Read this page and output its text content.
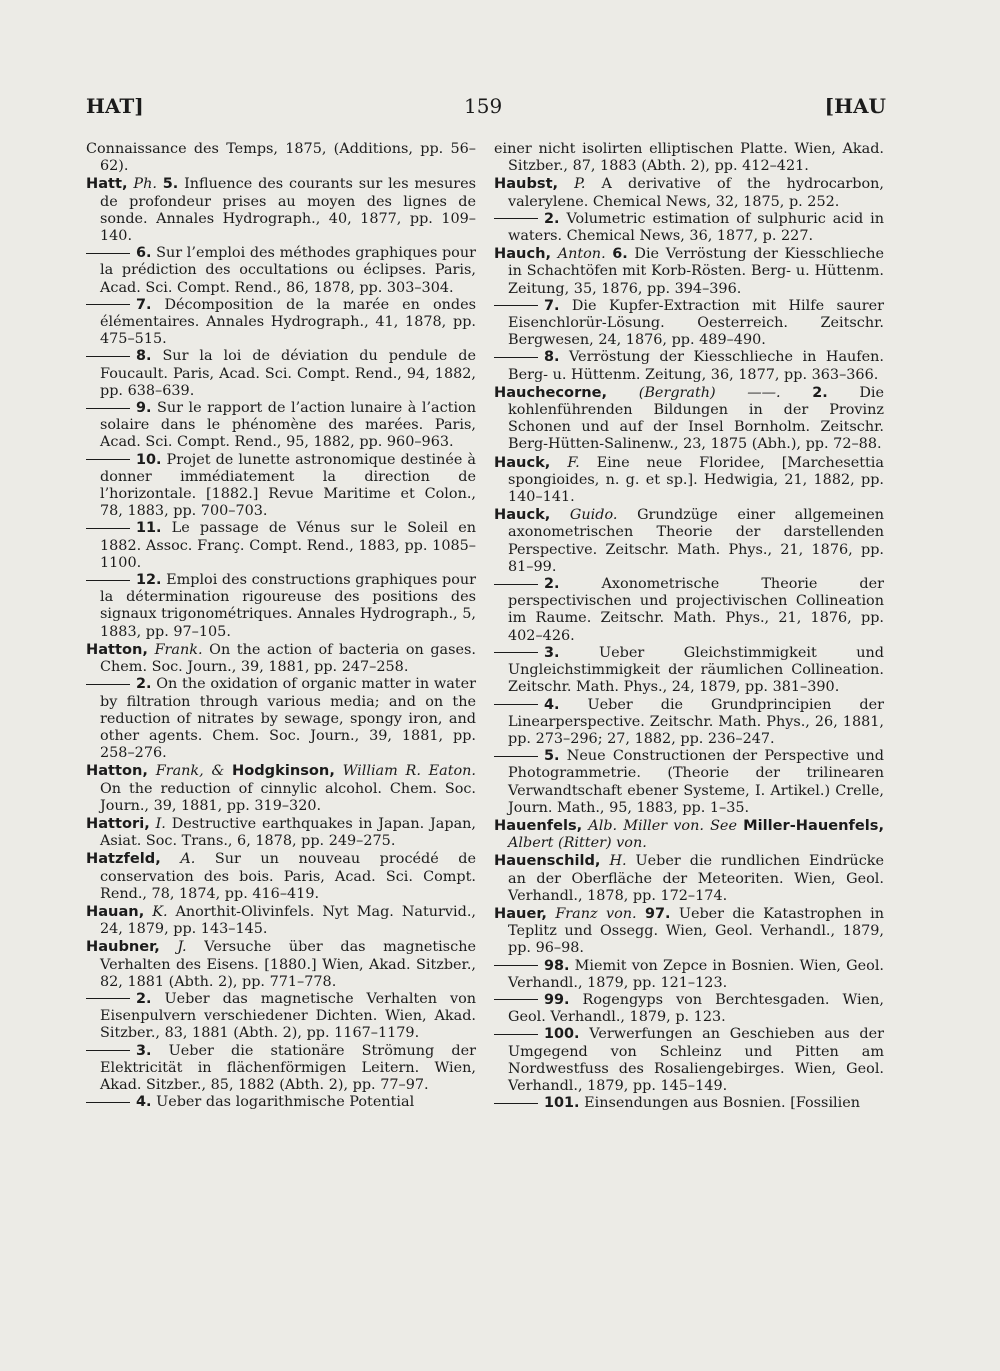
HAT]	159	[HAU

Connaissance des Temps, 1875, (Additions, pp. 56–62).

Hatt, Ph. 5. Influence des courants sur les mesures de profondeur prises au moyen des lignes de sonde. Annales Hydrograph., 40, 1877, pp. 109–140.

6. Sur l’emploi des méthodes graphiques pour la prédiction des occultations ou éclipses. Paris, Acad. Sci. Compt. Rend., 86, 1878, pp. 303–304.

7. Décomposition de la marée en ondes élémentaires. Annales Hydrograph., 41, 1878, pp. 475–515.

8. Sur la loi de déviation du pendule de Foucault. Paris, Acad. Sci. Compt. Rend., 94, 1882, pp. 638–639.

9. Sur le rapport de l’action lunaire à l’action solaire dans le phénomène des marées. Paris, Acad. Sci. Compt. Rend., 95, 1882, pp. 960–963.

10. Projet de lunette astronomique destinée à donner immédiatement la direction de l’horizontale. [1882.] Revue Maritime et Colon., 78, 1883, pp. 700–703.

11. Le passage de Vénus sur le Soleil en 1882. Assoc. Franç. Compt. Rend., 1883, pp. 1085–1100.

12. Emploi des constructions graphiques pour la détermination rigoureuse des positions des signaux trigonométriques. Annales Hydrograph., 5, 1883, pp. 97–105.

Hatton, Frank. On the action of bacteria on gases. Chem. Soc. Journ., 39, 1881, pp. 247–258.

2. On the oxidation of organic matter in water by filtration through various media; and on the reduction of nitrates by sewage, spongy iron, and other agents. Chem. Soc. Journ., 39, 1881, pp. 258–276.

Hatton, Frank, & Hodgkinson, William R. Eaton. On the reduction of cinnylic alcohol. Chem. Soc. Journ., 39, 1881, pp. 319–320.

Hattori, I. Destructive earthquakes in Japan. Japan, Asiat. Soc. Trans., 6, 1878, pp. 249–275.

Hatzfeld, A. Sur un nouveau procédé de conservation des bois. Paris, Acad. Sci. Compt. Rend., 78, 1874, pp. 416–419.

Hauan, K. Anorthit-Olivinfels. Nyt Mag. Naturvid., 24, 1879, pp. 143–145.

Haubner, J. Versuche über das magnetische Verhalten des Eisens. [1880.] Wien, Akad. Sitzber., 82, 1881 (Abth. 2), pp. 771–778.

2. Ueber das magnetische Verhalten von Eisenpulvern verschiedener Dichten. Wien, Akad. Sitzber., 83, 1881 (Abth. 2), pp. 1167–1179.

3. Ueber die stationäre Strömung der Elektricität in flächenförmigen Leitern. Wien, Akad. Sitzber., 85, 1882 (Abth. 2), pp. 77–97.

4. Ueber das logarithmische Potential

einer nicht isolirten elliptischen Platte. Wien, Akad. Sitzber., 87, 1883 (Abth. 2), pp. 412–421.

Haubst, P. A derivative of the hydrocarbon, valerylene. Chemical News, 32, 1875, p. 252.

2. Volumetric estimation of sulphuric acid in waters. Chemical News, 36, 1877, p. 227.

Hauch, Anton. 6. Die Verröstung der Kiesschlieche in Schachtöfen mit Korb-Rösten. Berg- u. Hüttenm. Zeitung, 35, 1876, pp. 394–396.

7. Die Kupfer-Extraction mit Hilfe saurer Eisenchlorür-Lösung. Oesterreich. Zeitschr. Bergwesen, 24, 1876, pp. 489–490.

8. Verröstung der Kiesschlieche in Haufen. Berg- u. Hüttenm. Zeitung, 36, 1877, pp. 363–366.

Hauchecorne, (Bergrath) ——. 2. Die kohlenführenden Bildungen in der Provinz Schonen und auf der Insel Bornholm. Zeitschr. Berg-Hütten-Salinenw., 23, 1875 (Abh.), pp. 72–88.

Hauck, F. Eine neue Floridee, [Marchesettia spongioides, n. g. et sp.]. Hedwigia, 21, 1882, pp. 140–141.

Hauck, Guido. Grundzüge einer allgemeinen axonometrischen Theorie der darstellenden Perspective. Zeitschr. Math. Phys., 21, 1876, pp. 81–99.

2.	Axonometrische Theorie der perspectivischen und projectivischen Collineation im Raume. Zeitschr. Math. Phys., 21, 1876, pp. 402–426.

3.	Ueber Gleichstimmigkeit und Ungleichstimmigkeit der räumlichen Collineation. Zeitschr. Math. Phys., 24, 1879, pp. 381–390.

4. Ueber die Grundprincipien der Linearperspective. Zeitschr. Math. Phys., 26, 1881, pp. 273–296; 27, 1882, pp. 236–247.

5. Neue Constructionen der Perspective und Photogrammetrie. (Theorie der trilinearen Verwandtschaft ebener Systeme, I. Artikel.) Crelle, Journ. Math., 95, 1883, pp. 1–35.

Hauenfels, Alb. Miller von. See Miller-Hauenfels, Albert (Ritter) von.

Hauenschild, H. Ueber die rundlichen Eindrücke an der Oberfläche der Meteoriten. Wien, Geol. Verhandl., 1878, pp. 172–174.

Hauer, Franz von. 97. Ueber die Katastrophen in Teplitz und Ossegg. Wien, Geol. Verhandl., 1879, pp. 96–98.

98. Miemit von Zepce in Bosnien. Wien, Geol. Verhandl., 1879, pp. 121–123.

99. Rogengyps von Berchtesgaden. Wien, Geol. Verhandl., 1879, p. 123.

100. Verwerfungen an Geschieben aus der Umgegend von Schleinz und Pitten am Nordwestfuss des Rosaliengebirges. Wien, Geol. Verhandl., 1879, pp. 145–149.

101. Einsendungen aus Bosnien. [Fossilien
